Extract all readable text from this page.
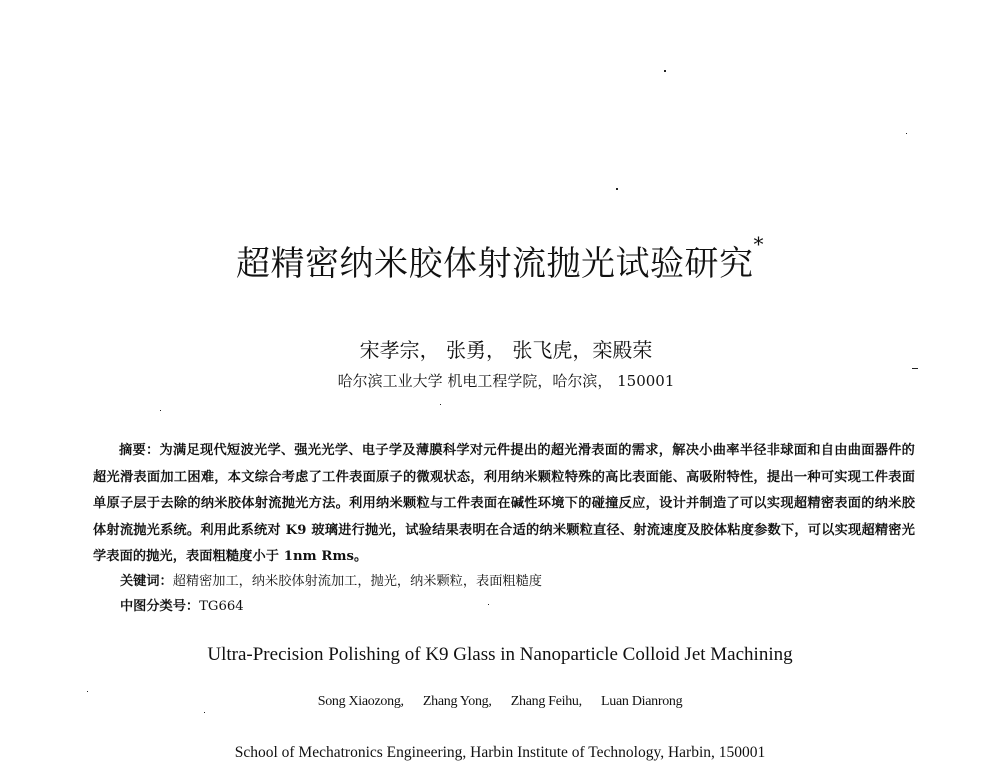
超精密纳米胶体射流抛光试验研究*
宋孝宗， 张勇， 张飞虎，栾殿荣
哈尔滨工业大学 机电工程学院，哈尔滨， 150001
摘要：为满足现代短波光学、强光光学、电子学及薄膜科学对元件提出的超光滑表面的需求，解决小曲率半径非球面和自由曲面器件的超光滑表面加工困难，本文综合考虑了工件表面原子的微观状态，利用纳米颗粒特殊的高比表面能、高吸附特性，提出一种可实现工件表面单原子层于去除的纳米胶体射流抛光方法。利用纳米颗粒与工件表面在碱性环境下的碰撞反应，设计并制造了可以实现超精密表面的纳米胶体射流抛光系统。利用此系统对 K9 玻璃进行抛光，试验结果表明在合适的纳米颗粒直径、射流速度及胶体粘度参数下，可以实现超精密光学表面的抛光，表面粗糙度小于 1nm Rms。
关键词：超精密加工，纳米胶体射流加工，抛光，纳米颗粒，表面粗糙度
中图分类号：TG664
Ultra-Precision Polishing of K9 Glass in Nanoparticle Colloid Jet Machining
Song Xiaozong, Zhang Yong, Zhang Feihu, Luan Dianrong
School of Mechatronics Engineering, Harbin Institute of Technology, Harbin, 150001
